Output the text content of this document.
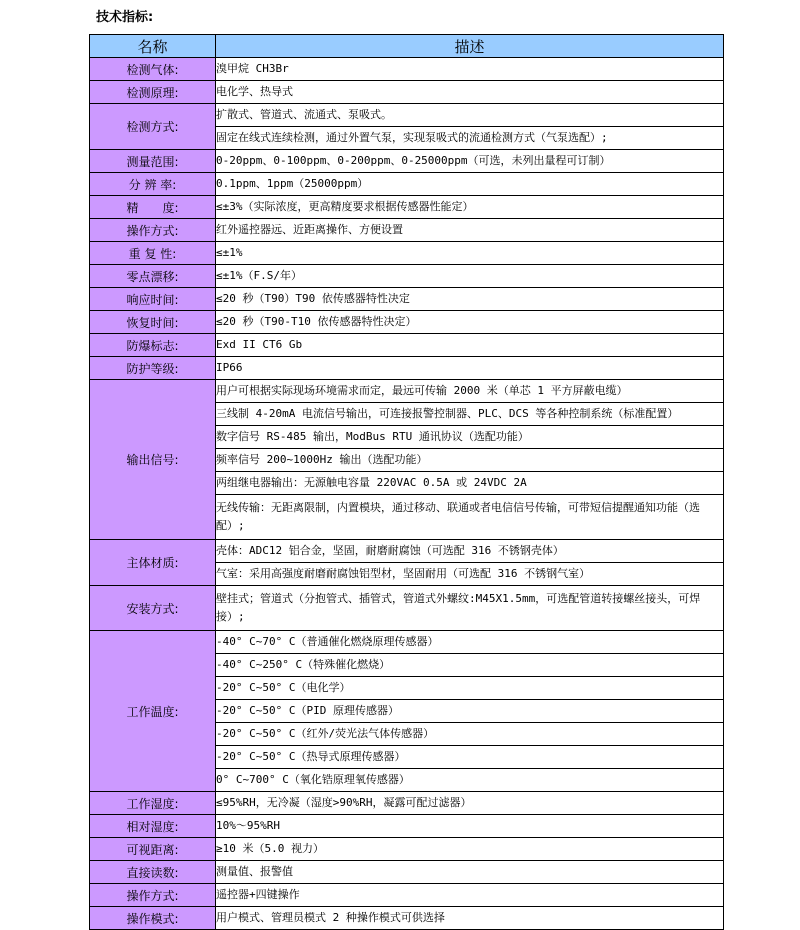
技术指标:
名称	描述
检测气体:	溴甲烷 CH3Br
检测原理:	电化学、热导式
检测方式:	扩散式、管道式、流通式、泵吸式。
	固定在线式连续检测，通过外置气泵，实现泵吸式的流通检测方式（气泵选配）;
测量范围:	0-20ppm、0-100ppm、0-200ppm、0-25000ppm（可选，未列出量程可订制）
分 辨 率:	0.1ppm、1ppm（25000ppm）
精　　度:	≤±3%（实际浓度，更高精度要求根据传感器性能定）
操作方式:	红外遥控器远、近距离操作、方便设置
重 复 性:	≤±1%
零点漂移:	≤±1%（F.S/年）
响应时间:	≤20 秒（T90）T90 依传感器特性决定
恢复时间:	≤20 秒（T90-T10 依传感器特性决定）
防爆标志:	Exd II CT6 Gb
防护等级:	IP66
输出信号:	用户可根据实际现场环境需求而定，最远可传输 2000 米（单芯 1 平方屏蔽电缆）
	三线制 4-20mA 电流信号输出，可连接报警控制器、PLC、DCS 等各种控制系统（标准配置）
	数字信号 RS-485 输出，ModBus RTU 通讯协议（选配功能）
	频率信号 200~1000Hz 输出（选配功能）
	两组继电器输出：无源触电容量 220VAC 0.5A 或 24VDC 2A
	无线传输：无距离限制，内置模块，通过移动、联通或者电信信号传输，可带短信提醒通知功能（选配）;
主体材质:	壳体：ADC12 铝合金，坚固，耐磨耐腐蚀（可选配 316 不锈钢壳体）
	气室：采用高强度耐磨耐腐蚀铝型材，坚固耐用（可选配 316 不锈钢气室）
安装方式:	壁挂式；管道式（分抱管式、插管式，管道式外螺纹:M45X1.5mm，可选配管道转接螺丝接头，可焊接）;
工作温度:	-40° C~70° C（普通催化燃烧原理传感器）
	-40° C~250° C（特殊催化燃烧）
	-20° C~50° C（电化学）
	-20° C~50° C（PID 原理传感器）
	-20° C~50° C（红外/荧光法气体传感器）
	-20° C~50° C（热导式原理传感器）
	0° C~700° C（氧化锆原理氧传感器）
工作湿度:	≤95%RH，无冷凝（湿度>90%RH，凝露可配过滤器）
相对湿度:	10%～95%RH
可视距离:	≥10 米（5.0 视力）
直接读数:	测量值、报警值
操作方式:	遥控器+四键操作
操作模式:	用户模式、管理员模式 2 种操作模式可供选择
